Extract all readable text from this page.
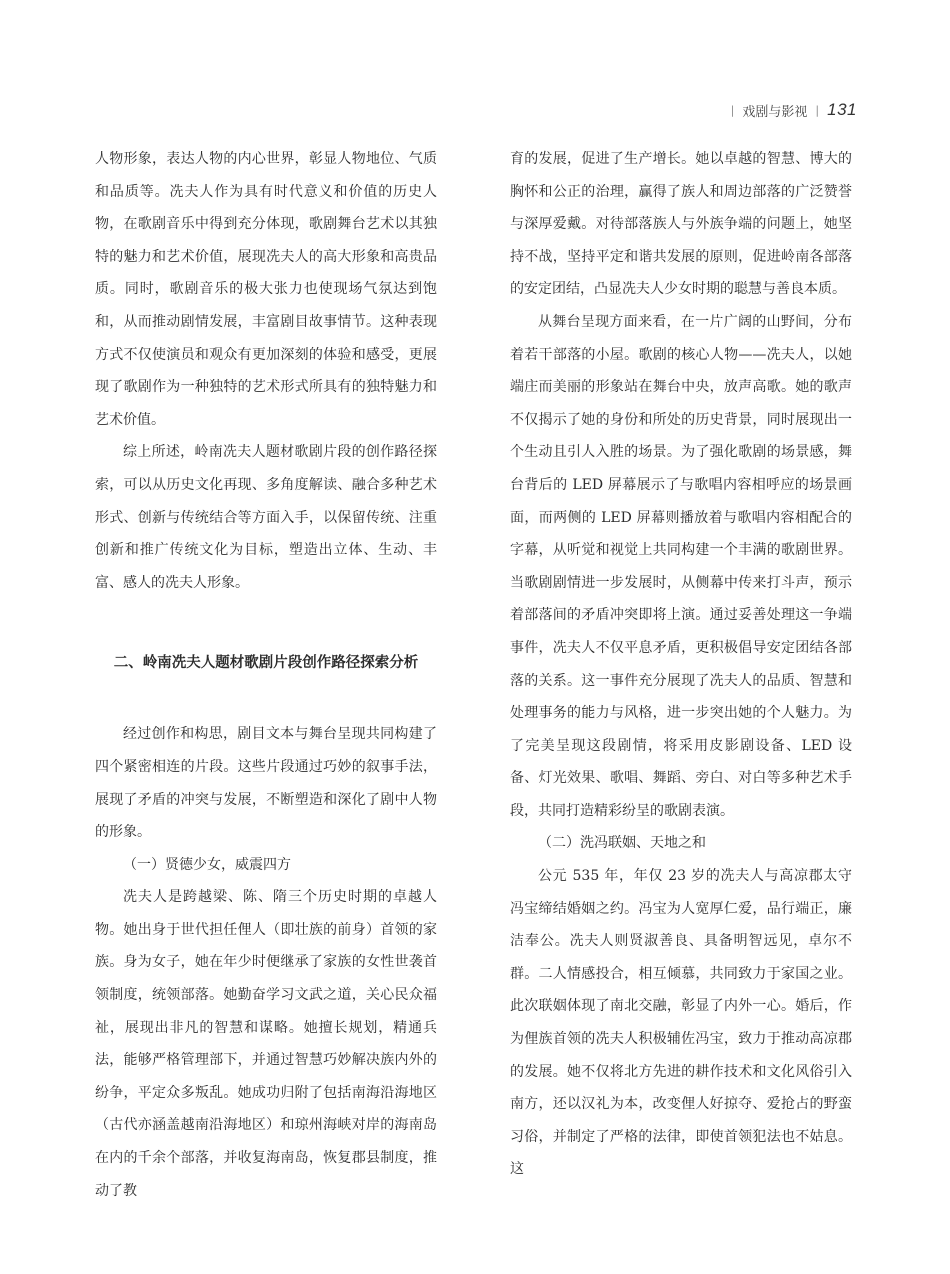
| 戏剧与影视 | 131

人物形象，表达人物的内心世界，彰显人物地位、气质和品质等。冼夫人作为具有时代意义和价值的历史人物，在歌剧音乐中得到充分体现，歌剧舞台艺术以其独特的魅力和艺术价值，展现冼夫人的高大形象和高贵品质。同时，歌剧音乐的极大张力也使现场气氛达到饱和，从而推动剧情发展，丰富剧目故事情节。这种表现方式不仅使演员和观众有更加深刻的体验和感受，更展现了歌剧作为一种独特的艺术形式所具有的独特魅力和艺术价值。

综上所述，岭南冼夫人题材歌剧片段的创作路径探索，可以从历史文化再现、多角度解读、融合多种艺术形式、创新与传统结合等方面入手，以保留传统、注重创新和推广传统文化为目标，塑造出立体、生动、丰富、感人的冼夫人形象。

二、岭南冼夫人题材歌剧片段创作路径探索分析

经过创作和构思，剧目文本与舞台呈现共同构建了四个紧密相连的片段。这些片段通过巧妙的叙事手法，展现了矛盾的冲突与发展，不断塑造和深化了剧中人物的形象。

（一）贤德少女，威震四方

冼夫人是跨越梁、陈、隋三个历史时期的卓越人物。她出身于世代担任俚人（即壮族的前身）首领的家族。身为女子，她在年少时便继承了家族的女性世袭首领制度，统领部落。她勤奋学习文武之道，关心民众福祉，展现出非凡的智慧和谋略。她擅长规划，精通兵法，能够严格管理部下，并通过智慧巧妙解决族内外的纷争，平定众多叛乱。她成功归附了包括南海沿海地区（古代亦涵盖越南沿海地区）和琼州海峡对岸的海南岛在内的千余个部落，并收复海南岛，恢复郡县制度，推动了教

育的发展，促进了生产增长。她以卓越的智慧、博大的胸怀和公正的治理，赢得了族人和周边部落的广泛赞誉与深厚爱戴。对待部落族人与外族争端的问题上，她坚持不战，坚持平定和谐共发展的原则，促进岭南各部落的安定团结，凸显冼夫人少女时期的聪慧与善良本质。

从舞台呈现方面来看，在一片广阔的山野间，分布着若干部落的小屋。歌剧的核心人物——冼夫人，以她端庄而美丽的形象站在舞台中央，放声高歌。她的歌声不仅揭示了她的身份和所处的历史背景，同时展现出一个生动且引人入胜的场景。为了强化歌剧的场景感，舞台背后的 LED 屏幕展示了与歌唱内容相呼应的场景画面，而两侧的 LED 屏幕则播放着与歌唱内容相配合的字幕，从听觉和视觉上共同构建一个丰满的歌剧世界。当歌剧剧情进一步发展时，从侧幕中传来打斗声，预示着部落间的矛盾冲突即将上演。通过妥善处理这一争端事件，冼夫人不仅平息矛盾，更积极倡导安定团结各部落的关系。这一事件充分展现了冼夫人的品质、智慧和处理事务的能力与风格，进一步突出她的个人魅力。为了完美呈现这段剧情，将采用皮影剧设备、LED 设备、灯光效果、歌唱、舞蹈、旁白、对白等多种艺术手段，共同打造精彩纷呈的歌剧表演。

（二）洗冯联姻、天地之和

公元 535 年，年仅 23 岁的冼夫人与高凉郡太守冯宝缔结婚姻之约。冯宝为人宽厚仁爱，品行端正，廉洁奉公。冼夫人则贤淑善良、具备明智远见，卓尔不群。二人情感投合，相互倾慕，共同致力于家国之业。此次联姻体现了南北交融，彰显了内外一心。婚后，作为俚族首领的冼夫人积极辅佐冯宝，致力于推动高凉郡的发展。她不仅将北方先进的耕作技术和文化风俗引入南方，还以汉礼为本，改变俚人好掠夺、爱抢占的野蛮习俗，并制定了严格的法律，即使首领犯法也不姑息。这
